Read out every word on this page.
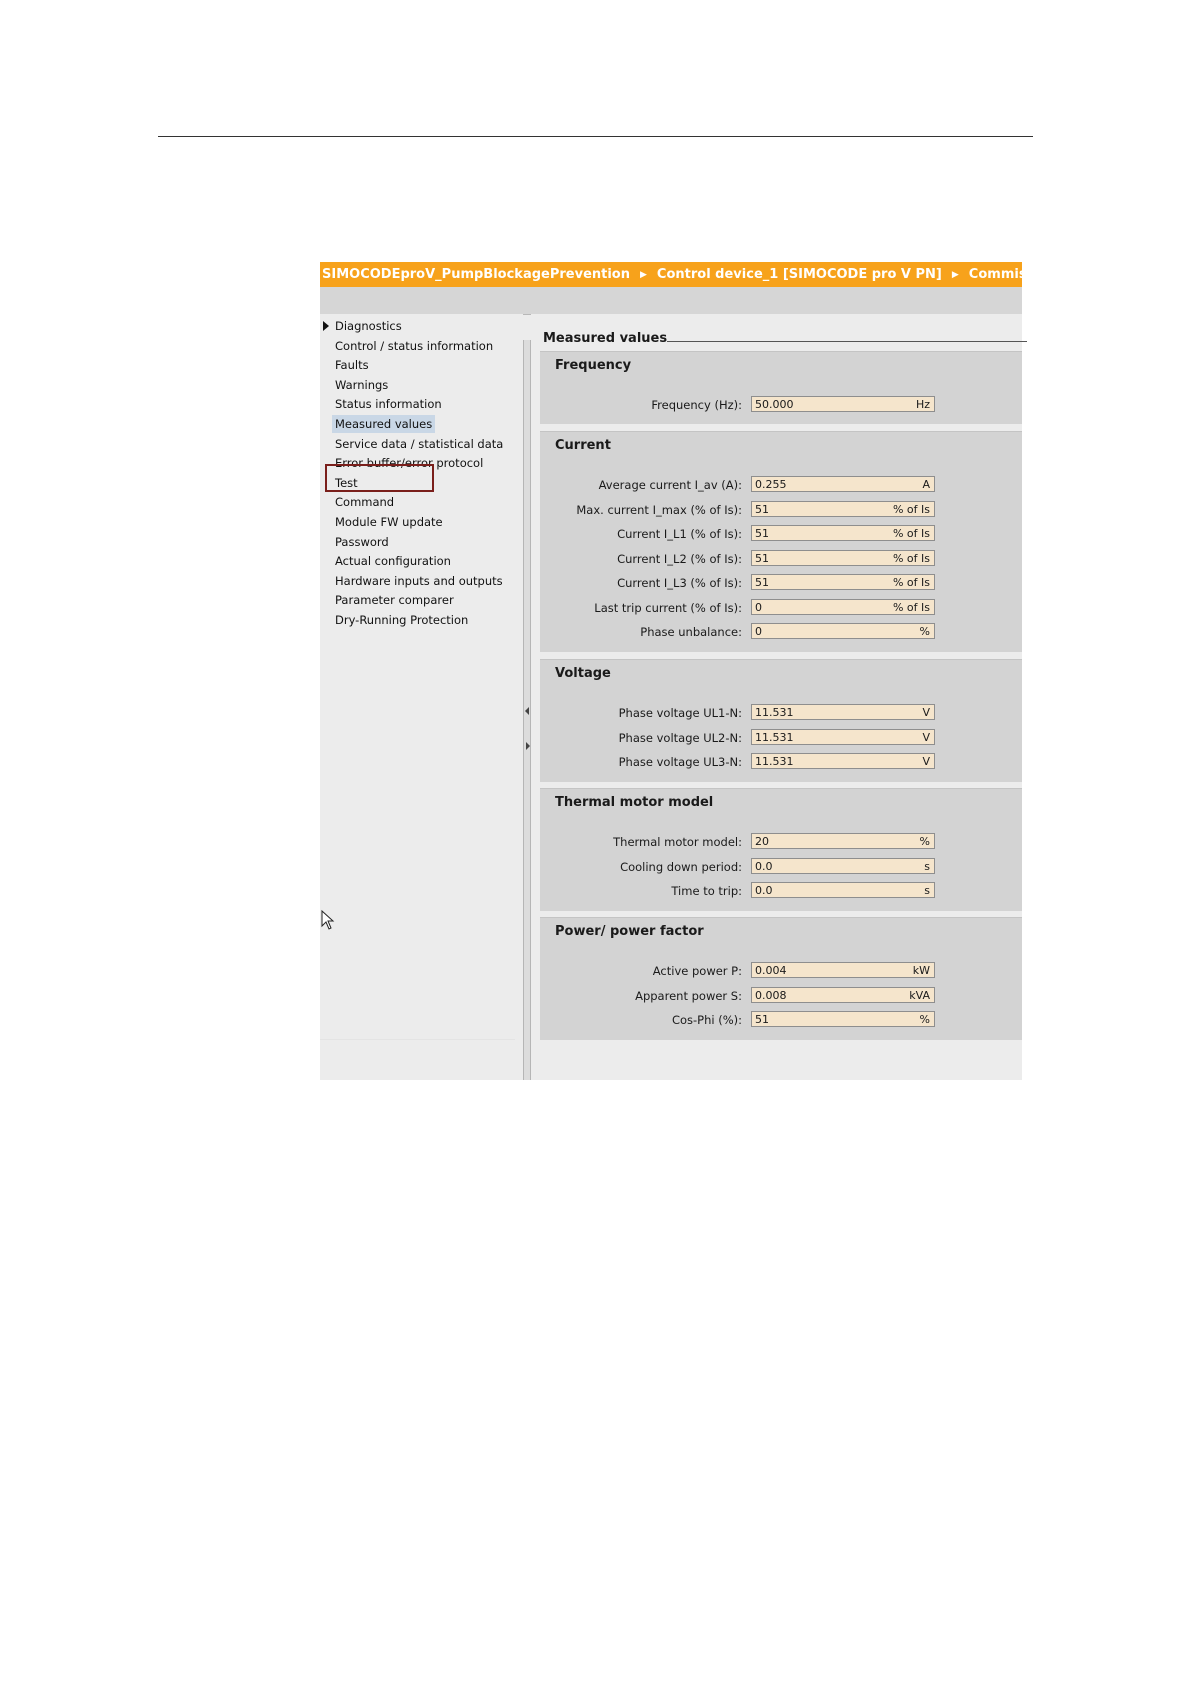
SIMOCODEproV_PumpBlockagePrevention ▶ Control device_1 [SIMOCODE pro V PN] ▶ Commissioning
Diagnostics
Control / status information
Faults
Warnings
Status information
Measured values
Service data / statistical data
Error buffer/error protocol
Test
Command
Module FW update
Password
Actual configuration
Hardware inputs and outputs
Parameter comparer
Dry-Running Protection
Measured values
Frequency
Frequency (Hz): 50.000	Hz
Current
Average current I_av (A): 0.255	A
Max. current I_max (% of Is): 51	% of Is
Current I_L1 (% of Is): 51	% of Is
Current I_L2 (% of Is): 51	% of Is
Current I_L3 (% of Is): 51	% of Is
Last trip current (% of Is): 0	% of Is
Phase unbalance: 0	%
Voltage
Phase voltage UL1-N: 11.531	V
Phase voltage UL2-N: 11.531	V
Phase voltage UL3-N: 11.531	V
Thermal motor model
Thermal motor model: 20	%
Cooling down period: 0.0	s
Time to trip: 0.0	s
Power/ power factor
Active power P: 0.004	kW
Apparent power S: 0.008	kVA
Cos-Phi (%): 51	%
